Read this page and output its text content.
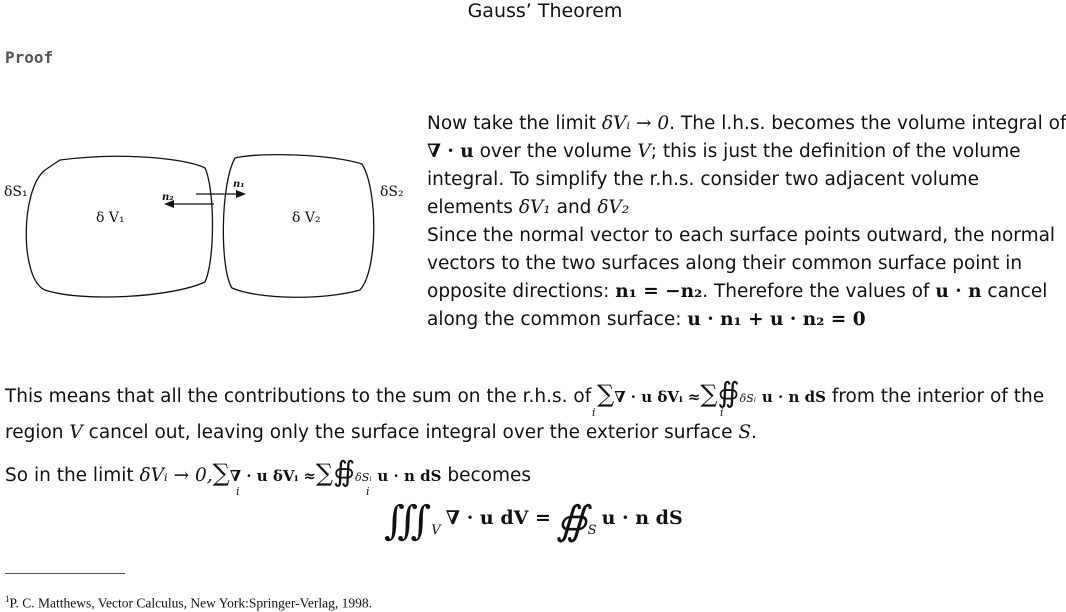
Gauss’ Theorem
Proof
δS₁	δS₂
δ V₁	δ V₂
n₂
n₁
Now take the limit δVᵢ → 0. The l.h.s. becomes the volume integral of
∇ · u over the volume V; this is just the definition of the volume integral. To simplify the r.h.s. consider two adjacent volume elements δV₁ and δV₂
Since the normal vector to each surface points outward, the normal vectors to the two surfaces along their common surface point in opposite directions: n₁ = −n₂. Therefore the values of u · n cancel along the common surface: u · n₁ + u · n₂ = 0
This means that all the contributions to the sum on the r.h.s. of ∑∇ · u δVᵢ ≈∑∯δSᵢ u · n dS from the interior of the
i	i
region V cancel out, leaving only the surface integral over the exterior surface S.
So in the limit δVᵢ → 0,∑∇ · u δVᵢ ≈∑∯δSᵢ u · n dS becomes
i	i
∭V ∇ · u dV = ∯S u · n dS
$^1$P. C. Matthews, Vector Calculus, New York:Springer-Verlag, 1998.
